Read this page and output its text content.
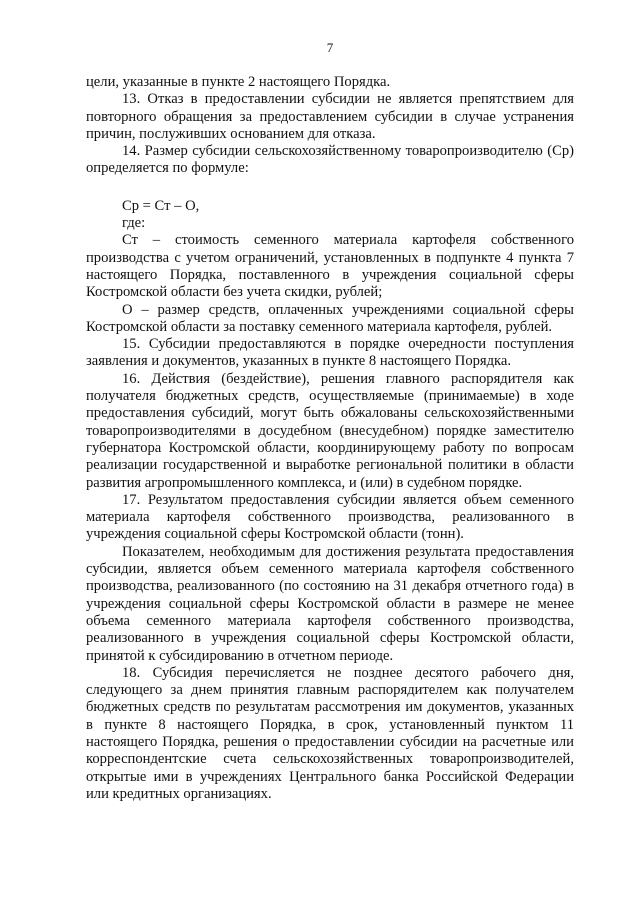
7

цели, указанные в пункте 2 настоящего Порядка.

13. Отказ в предоставлении субсидии не является препятствием для повторного обращения за предоставлением субсидии в случае устранения причин, послуживших основанием для отказа.

14. Размер субсидии сельскохозяйственному товаропроизводителю (Ср) определяется по формуле:

Ср = Ст – О,

где:

Ст – стоимость семенного материала картофеля собственного производства с учетом ограничений, установленных в подпункте 4 пункта 7 настоящего Порядка, поставленного в учреждения социальной сферы Костромской области без учета скидки, рублей;

О – размер средств, оплаченных учреждениями социальной сферы Костромской области за поставку семенного материала картофеля, рублей.

15. Субсидии предоставляются в порядке очередности поступления заявления и документов, указанных в пункте 8 настоящего Порядка.

16. Действия (бездействие), решения главного распорядителя как получателя бюджетных средств, осуществляемые (принимаемые) в ходе предоставления субсидий, могут быть обжалованы сельскохозяйственными товаропроизводителями в досудебном (внесудебном) порядке заместителю губернатора Костромской области, координирующему работу по вопросам реализации государственной и выработке региональной политики в области развития агропромышленного комплекса, и (или) в судебном порядке.

17. Результатом предоставления субсидии является объем семенного материала картофеля собственного производства, реализованного в учреждения социальной сферы Костромской области (тонн).

Показателем, необходимым для достижения результата предоставления субсидии, является объем семенного материала картофеля собственного производства, реализованного (по состоянию на 31 декабря отчетного года) в учреждения социальной сферы Костромской области в размере не менее объема семенного материала картофеля собственного производства, реализованного в учреждения социальной сферы Костромской области, принятой к субсидированию в отчетном периоде.

18. Субсидия перечисляется не позднее десятого рабочего дня, следующего за днем принятия главным распорядителем как получателем бюджетных средств по результатам рассмотрения им документов, указанных в пункте 8 настоящего Порядка, в срок, установленный пунктом 11 настоящего Порядка, решения о предоставлении субсидии на расчетные или корреспондентские счета сельскохозяйственных товаропроизводителей, открытые ими в учреждениях Центрального банка Российской Федерации или кредитных организациях.
